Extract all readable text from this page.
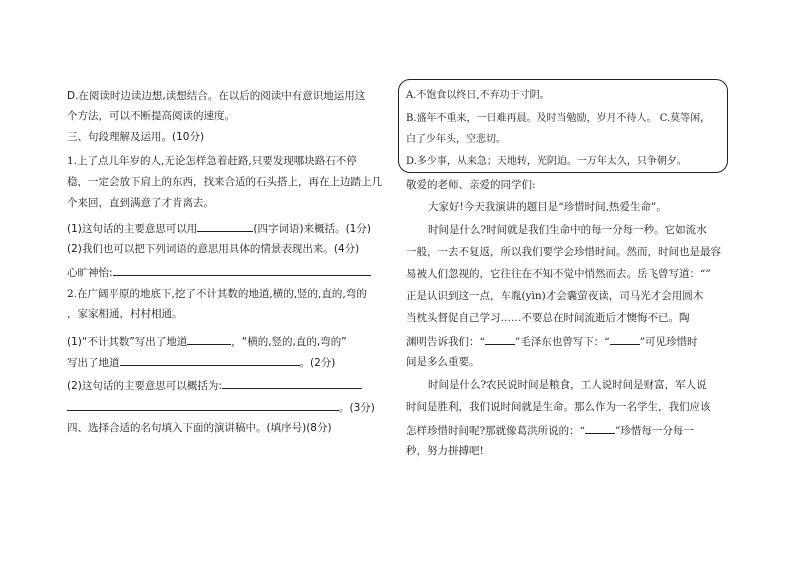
D.在阅读时边读边想,读想结合。在以后的阅读中有意识地运用这
个方法，可以不断提高阅读的速度。
三、句段理解及运用。(10分)
1.上了点儿年岁的人,无论怎样急着赶路,只要发现哪块路石不停
稳，一定会放下肩上的东西，找来合适的石头搭上，再在上边踏上几
个来回，直到满意了才肯离去。
(1)这句话的主要意思可以用	(四字词语)来概括。(1分)
(2)我们也可以把下列词语的意思用具体的情景表现出来。(4分)
心旷神怡:
2.在广阔平原的地底下,挖了不计其数的地道,横的,竖的,直的,弯的
，家家相通，村村相通。
(1)“不计其数”写出了地道	，“横的,竖的,直的,弯的”
写出了地道	。(2分)
(2)这句话的主要意思可以概括为:
。(3分)
四、选择合适的名句填入下面的演讲稿中。(填序号)(8分)
A.不饱食以终日,不弃功于寸阴。
B.盛年不重来，一日难再晨。及时当勉励，岁月不待人。 C.莫等闲，
白了少年头，空悲切。
D.多少事，从来急；天地转，光阴迫。一万年太久，只争朝夕。
敬爱的老师、亲爱的同学们:
大家好!今天我演讲的题目是“珍惜时间,热爱生命”。
时间是什么?时间就是我们生命中的每一分每一秒。它如流水
一般，一去不复返，所以我们要学会珍惜时间。然而，时间也是最容
易被人们忽视的，它往往在不知不觉中悄然而去。岳飞曾写道：“”
正是认识到这一点，车胤(yìn)才会囊萤夜读，司马光才会用圆木
当枕头督促自己学习……不要总在时间流逝后才懊悔不已。陶
渊明告诉我们：“	”毛泽东也曾写下：“	”可见珍惜时
间是多么重要。
时间是什么?农民说时间是粮食，工人说时间是财富，军人说
时间是胜利，我们说时间就是生命。那么作为一名学生，我们应该
怎样珍惜时间呢?那就像葛洪所说的：“	”珍惜每一分每一
秒，努力拼搏吧!
